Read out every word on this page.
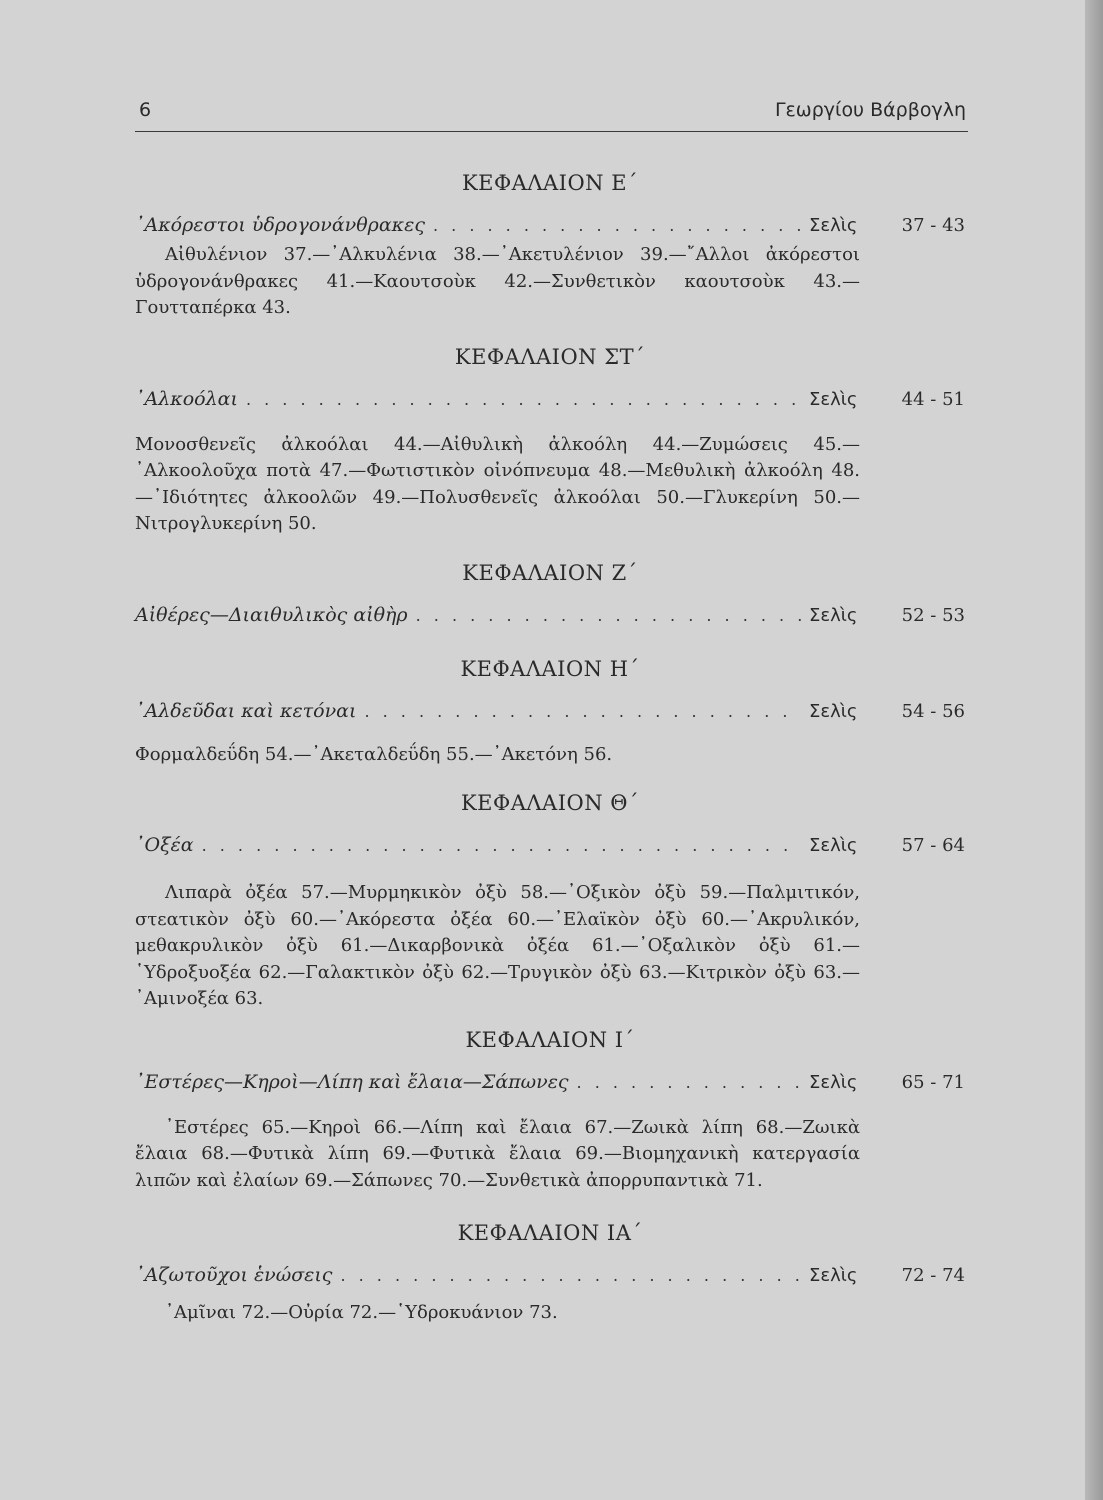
6	Γεωργίου Βάρβογλη
ΚΕΦΑΛΑΙΟΝ Ε΄
᾿Ακόρεστοι ὑδρογονάνθρακες . . .	Σελὶς	37 - 43

Αἰθυλένιον 37.—᾿Αλκυλένια 38.—᾿Ακετυλένιον 39.—῎Αλλοι ἀκόρεστοι ὑδρογονάνθρακες 41.—Καουτσοὺκ 42.—Συνθετικὸν καουτσοὺκ 43.—Γουτταπέρκα 43.

ΚΕΦΑΛΑΙΟΝ ΣΤ΄
᾿Αλκοόλαι . . .	Σελὶς	44 - 51

Μονοσθενεῖς ἀλκοόλαι 44.—Αἰθυλικὴ ἀλκοόλη 44.—Ζυμώσεις 45.—᾿Αλκοολοῦχα ποτὰ 47.—Φωτιστικὸν οἰνόπνευμα 48.—Μεθυλικὴ ἀλκοόλη 48.—᾿Ιδιότητες ἀλκοολῶν 49.—Πολυσθενεῖς ἀλκοόλαι 50.—Γλυκερίνη 50.—Νιτρογλυκερίνη 50.

ΚΕΦΑΛΑΙΟΝ Ζ΄
Αἰθέρες—Διαιθυλικὸς αἰθὴρ . . .	Σελὶς	52 - 53
ΚΕΦΑΛΑΙΟΝ Η΄
᾿Αλδεῦδαι καὶ κετόναι . . .	Σελὶς	54 - 56

Φορμαλδεΰδη 54.—᾿Ακεταλδεΰδη 55.—᾿Ακετόνη 56.

ΚΕΦΑΛΑΙΟΝ Θ΄
᾿Οξέα . . .	Σελὶς	57 - 64

Λιπαρὰ ὀξέα 57.—Μυρμηκικὸν ὀξὺ 58.—᾿Οξικὸν ὀξὺ 59.—Παλμιτικόν, στεατικὸν ὀξὺ 60.—᾿Ακόρεστα ὀξέα 60.—᾿Ελαϊκὸν ὀξὺ 60.—᾿Ακρυλικόν, μεθακρυλικὸν ὀξὺ 61.—Δικαρβονικὰ ὀξέα 61.—᾿Οξαλικὸν ὀξὺ 61.—῾Υδροξυοξέα 62.—Γαλακτικὸν ὀξὺ 62.—Τρυγικὸν ὀξὺ 63.—Κιτρικὸν ὀξὺ 63.—᾿Αμινοξέα 63.

ΚΕΦΑΛΑΙΟΝ Ι΄
᾿Εστέρες—Κηροὶ—Λίπη καὶ ἔλαια—Σάπωνες . . .	Σελὶς	65 - 71

᾿Εστέρες 65.—Κηροὶ 66.—Λίπη καὶ ἔλαια 67.—Ζωικὰ λίπη 68.—Ζωικὰ ἔλαια 68.—Φυτικὰ λίπη 69.—Φυτικὰ ἔλαια 69.—Βιομηχανικὴ κατεργασία λιπῶν καὶ ἐλαίων 69.—Σάπωνες 70.—Συνθετικὰ ἀπορρυπαντικὰ 71.

ΚΕΦΑΛΑΙΟΝ ΙΑ΄
᾿Αζωτοῦχοι ἑνώσεις . . .	Σελὶς	72 - 74

᾿Αμῖναι 72.—Οὐρία 72.—῾Υδροκυάνιον 73.
